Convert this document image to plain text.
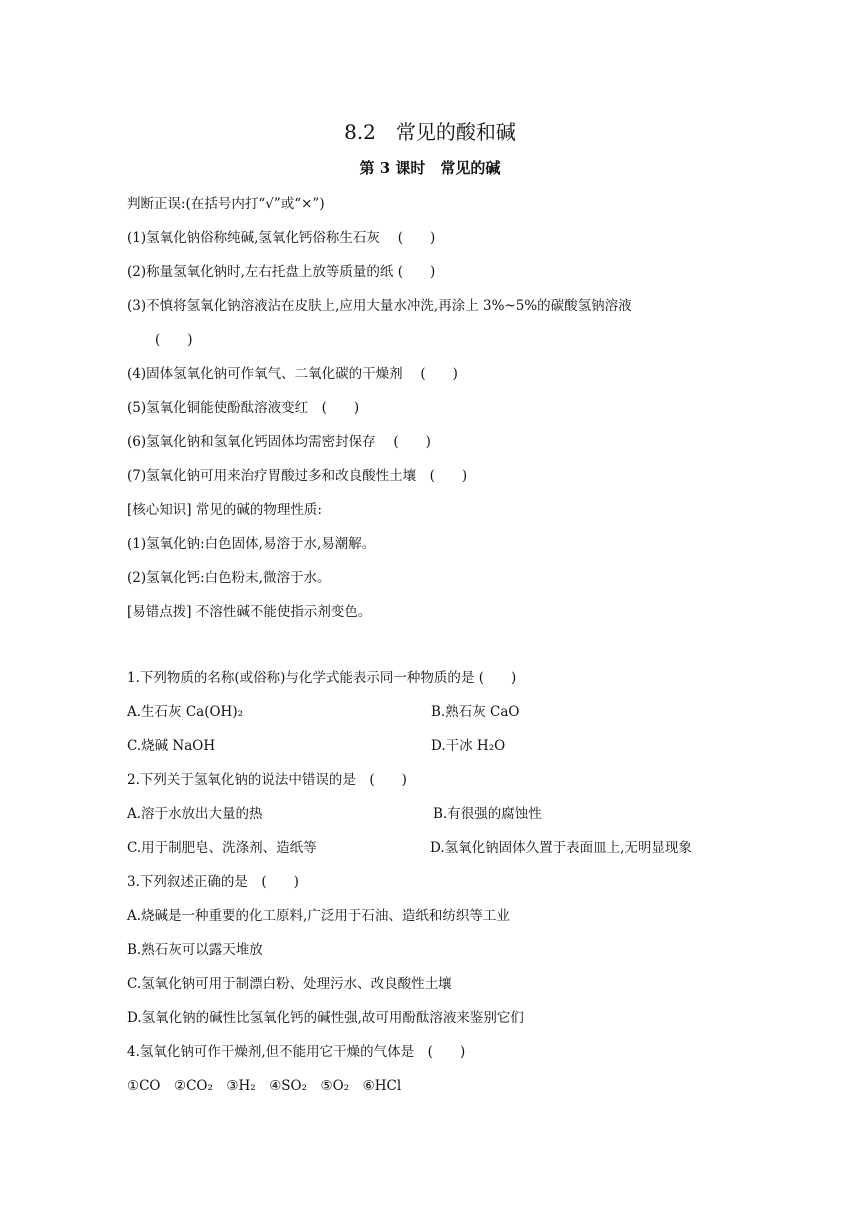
8.2　常见的酸和碱
第 3 课时　常见的碱
判断正误:(在括号内打“√”或“×”)
(1)氢氧化钠俗称纯碱,氢氧化钙俗称生石灰　 (　　)
(2)称量氢氧化钠时,左右托盘上放等质量的纸 (　　)
(3)不慎将氢氧化钠溶液沾在皮肤上,应用大量水冲洗,再涂上 3%~5%的碳酸氢钠溶液
(　　)
(4)固体氢氧化钠可作氧气、二氧化碳的干燥剂　 (　　)
(5)氢氧化铜能使酚酞溶液变红　(　　)
(6)氢氧化钠和氢氧化钙固体均需密封保存　 (　　)
(7)氢氧化钠可用来治疗胃酸过多和改良酸性土壤　(　　)
[核心知识] 常见的碱的物理性质:
(1)氢氧化钠:白色固体,易溶于水,易潮解。
(2)氢氧化钙:白色粉末,微溶于水。
[易错点拨] 不溶性碱不能使指示剂变色。
1.下列物质的名称(或俗称)与化学式能表示同一种物质的是 (　　)
A.生石灰 Ca(OH)₂	B.熟石灰 CaO
C.烧碱 NaOH	D.干冰 H₂O
2.下列关于氢氧化钠的说法中错误的是　(　　)
A.溶于水放出大量的热	B.有很强的腐蚀性
C.用于制肥皂、洗涤剂、造纸等	D.氢氧化钠固体久置于表面皿上,无明显现象
3.下列叙述正确的是　(　　)
A.烧碱是一种重要的化工原料,广泛用于石油、造纸和纺织等工业
B.熟石灰可以露天堆放
C.氢氧化钠可用于制漂白粉、处理污水、改良酸性土壤
D.氢氧化钠的碱性比氢氧化钙的碱性强,故可用酚酞溶液来鉴别它们
4.氢氧化钠可作干燥剂,但不能用它干燥的气体是　(　　)
①CO　②CO₂　③H₂　④SO₂　⑤O₂　⑥HCl
